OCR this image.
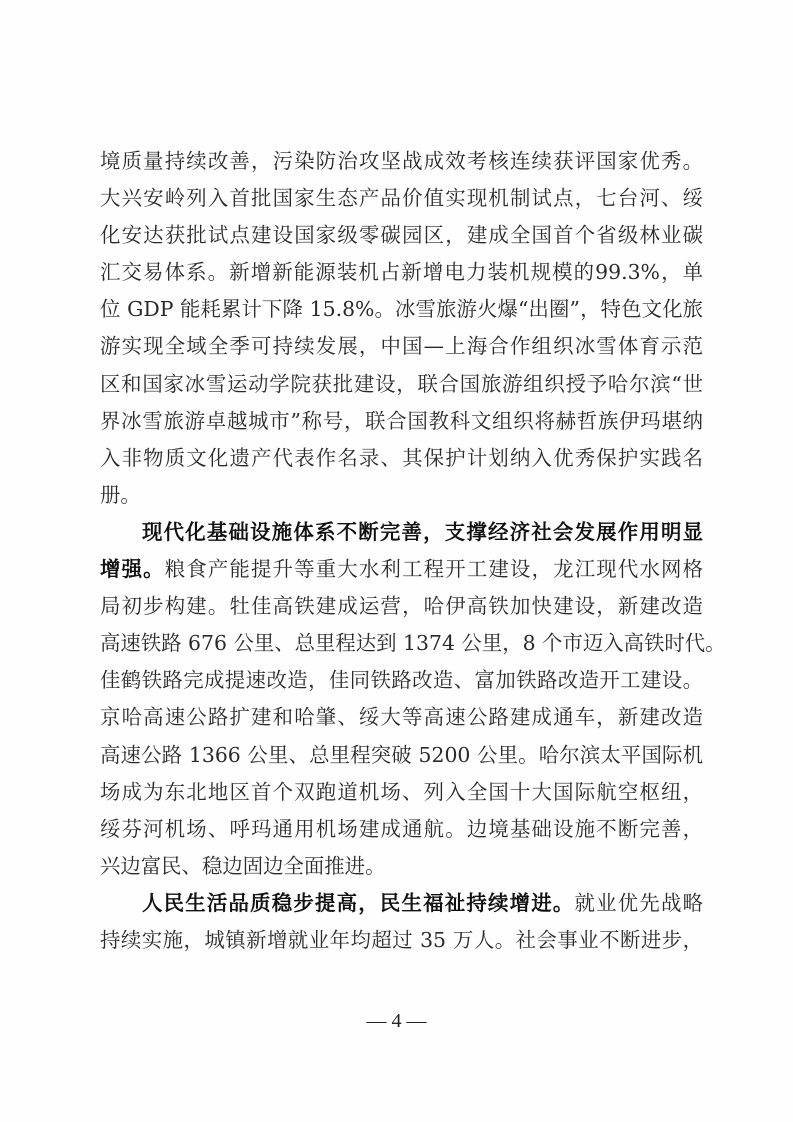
境质量持续改善，污染防治攻坚战成效考核连续获评国家优秀。
大兴安岭列入首批国家生态产品价值实现机制试点，七台河、绥
化安达获批试点建设国家级零碳园区，建成全国首个省级林业碳
汇交易体系。新增新能源装机占新增电力装机规模的99.3%，单
位 GDP 能耗累计下降 15.8%。冰雪旅游火爆“出圈”，特色文化旅
游实现全域全季可持续发展，中国—上海合作组织冰雪体育示范
区和国家冰雪运动学院获批建设，联合国旅游组织授予哈尔滨“世
界冰雪旅游卓越城市”称号，联合国教科文组织将赫哲族伊玛堪纳
入非物质文化遗产代表作名录、其保护计划纳入优秀保护实践名
册。
现代化基础设施体系不断完善，支撑经济社会发展作用明显
增强。粮食产能提升等重大水利工程开工建设，龙江现代水网格
局初步构建。牡佳高铁建成运营，哈伊高铁加快建设，新建改造
高速铁路 676 公里、总里程达到 1374 公里，8 个市迈入高铁时代。
佳鹤铁路完成提速改造，佳同铁路改造、富加铁路改造开工建设。
京哈高速公路扩建和哈肇、绥大等高速公路建成通车，新建改造
高速公路 1366 公里、总里程突破 5200 公里。哈尔滨太平国际机
场成为东北地区首个双跑道机场、列入全国十大国际航空枢纽，
绥芬河机场、呼玛通用机场建成通航。边境基础设施不断完善，
兴边富民、稳边固边全面推进。
人民生活品质稳步提高，民生福祉持续增进。就业优先战略
持续实施，城镇新增就业年均超过 35 万人。社会事业不断进步，
— 4 —
